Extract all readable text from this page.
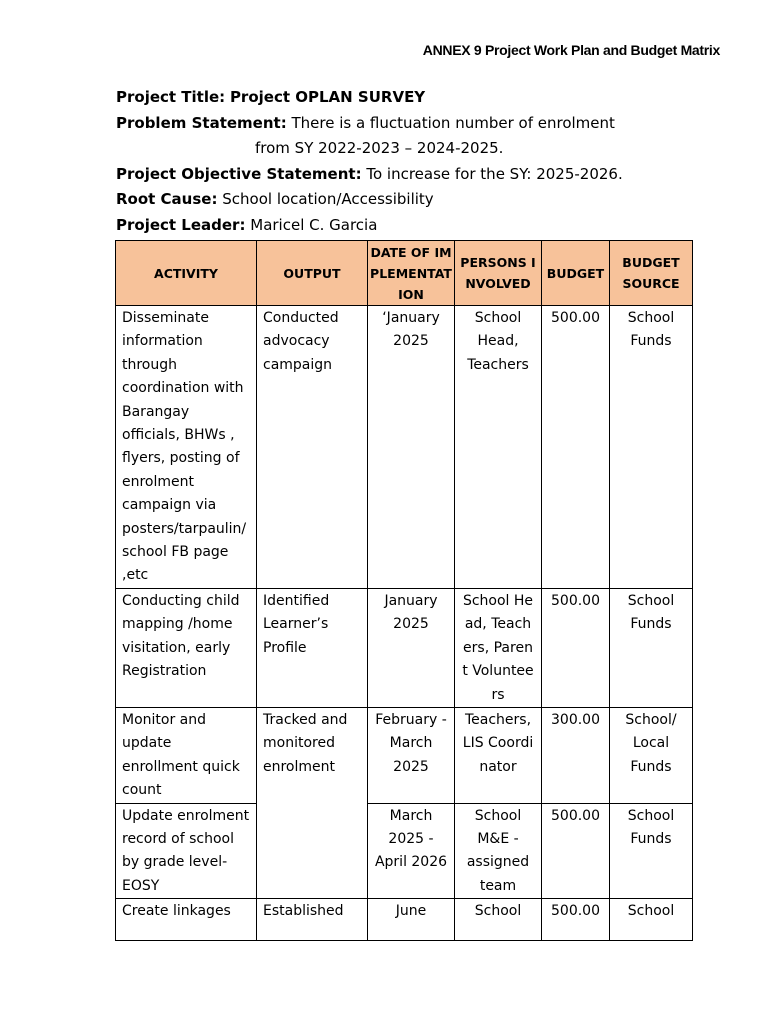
ANNEX 9 Project Work Plan and Budget Matrix
Project Title: Project OPLAN SURVEY
Problem Statement: There is a fluctuation number of enrolment
from SY 2022-2023 – 2024-2025.
Project Objective Statement: To increase for the SY: 2025-2026.
Root Cause: School location/Accessibility
Project Leader: Maricel C. Garcia
ACTIVITY	OUTPUT	DATE OF IMPLEMENTATION	PERSONS INVOLVED	BUDGET	BUDGET SOURCE
Disseminate information through coordination with Barangay officials, BHWs , flyers, posting of enrolment campaign via posters/tarpaulin/ school FB page ,etc	Conducted advocacy campaign	‘January 2025	School Head, Teachers	500.00	School Funds
Conducting child mapping /home visitation, early Registration	Identified Learner’s Profile	January 2025	School Head, Teachers, Parent Volunteers	500.00	School Funds
Monitor and update enrollment quick count	Tracked and monitored enrolment	February - March 2025	Teachers, LIS Coordinator	300.00	School/ Local Funds
Update enrolment record of school by grade level-EOSY		March 2025 - April 2026	School M&E - assigned team	500.00	School Funds
Create linkages	Established	June	School	500.00	School
